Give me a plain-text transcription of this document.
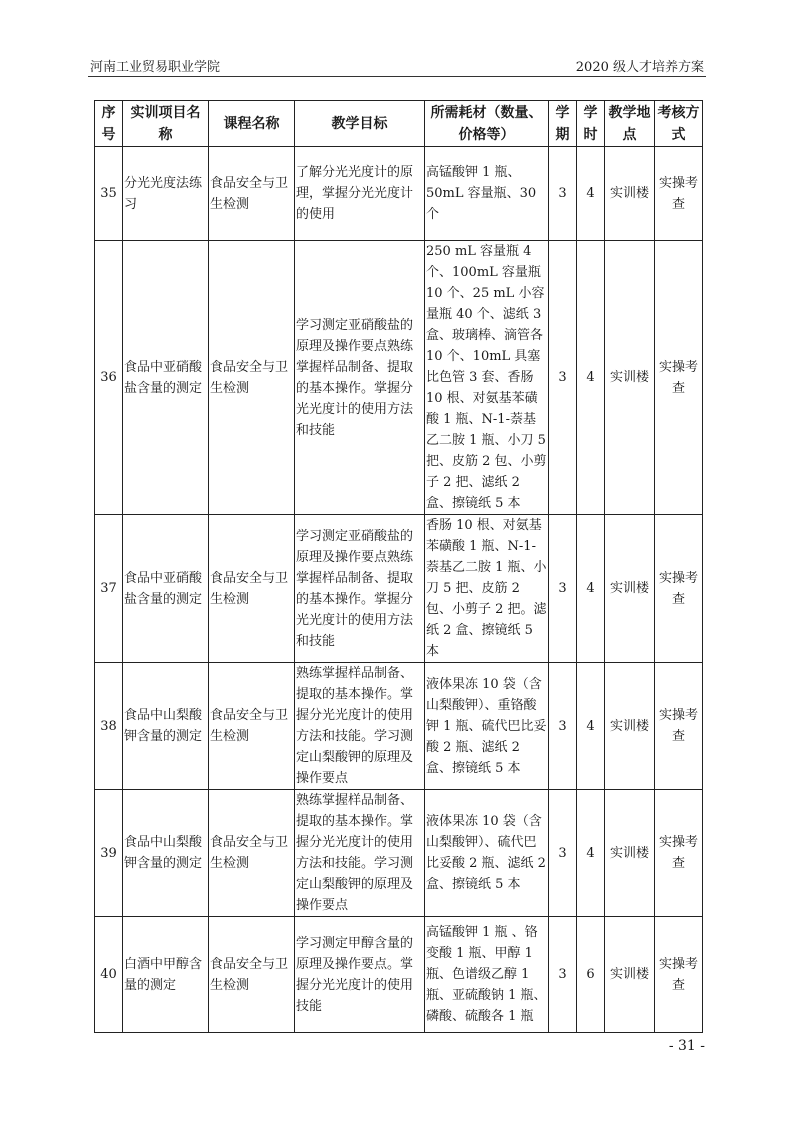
河南工业贸易职业学院	2020 级人才培养方案
序号	实训项目名称	课程名称	教学目标	所需耗材（数量、价格等）	学期	学时	教学地点	考核方式
35	分光光度法练习	食品安全与卫生检测	了解分光光度计的原理，掌握分光光度计的使用	高锰酸钾 1 瓶、50mL 容量瓶、30 个	3	4	实训楼	实操考查
36	食品中亚硝酸盐含量的测定	食品安全与卫生检测	学习测定亚硝酸盐的原理及操作要点熟练掌握样品制备、提取的基本操作。掌握分光光度计的使用方法和技能	250 mL 容量瓶 4 个、100mL 容量瓶 10 个、25 mL 小容量瓶 40 个、滤纸 3 盒、玻璃棒、滴管各 10 个、10mL 具塞比色管 3 套、香肠 10 根、对氨基苯磺酸 1 瓶、N-1-萘基乙二胺 1 瓶、小刀 5 把、皮筋 2 包、小剪子 2 把、滤纸 2 盒、擦镜纸 5 本	3	4	实训楼	实操考查
37	食品中亚硝酸盐含量的测定	食品安全与卫生检测	学习测定亚硝酸盐的原理及操作要点熟练掌握样品制备、提取的基本操作。掌握分光光度计的使用方法和技能	香肠 10 根、对氨基苯磺酸 1 瓶、N-1-萘基乙二胺 1 瓶、小刀 5 把、皮筋 2 包、小剪子 2 把。滤纸 2 盒、擦镜纸 5 本	3	4	实训楼	实操考查
38	食品中山梨酸钾含量的测定	食品安全与卫生检测	熟练掌握样品制备、提取的基本操作。掌握分光光度计的使用方法和技能。学习测定山梨酸钾的原理及操作要点	液体果冻 10 袋（含山梨酸钾）、重铬酸钾 1 瓶、硫代巴比妥酸 2 瓶、滤纸 2 盒、擦镜纸 5 本	3	4	实训楼	实操考查
39	食品中山梨酸钾含量的测定	食品安全与卫生检测	熟练掌握样品制备、提取的基本操作。掌握分光光度计的使用方法和技能。学习测定山梨酸钾的原理及操作要点	液体果冻 10 袋（含山梨酸钾）、硫代巴比妥酸 2 瓶、滤纸 2 盒、擦镜纸 5 本	3	4	实训楼	实操考查
40	白酒中甲醇含量的测定	食品安全与卫生检测	学习测定甲醇含量的原理及操作要点。掌握分光光度计的使用技能	高锰酸钾 1 瓶 、铬变酸 1 瓶、甲醇 1 瓶、色谱级乙醇 1 瓶、亚硫酸钠 1 瓶、磷酸、硫酸各 1 瓶	3	6	实训楼	实操考查
- 31 -
